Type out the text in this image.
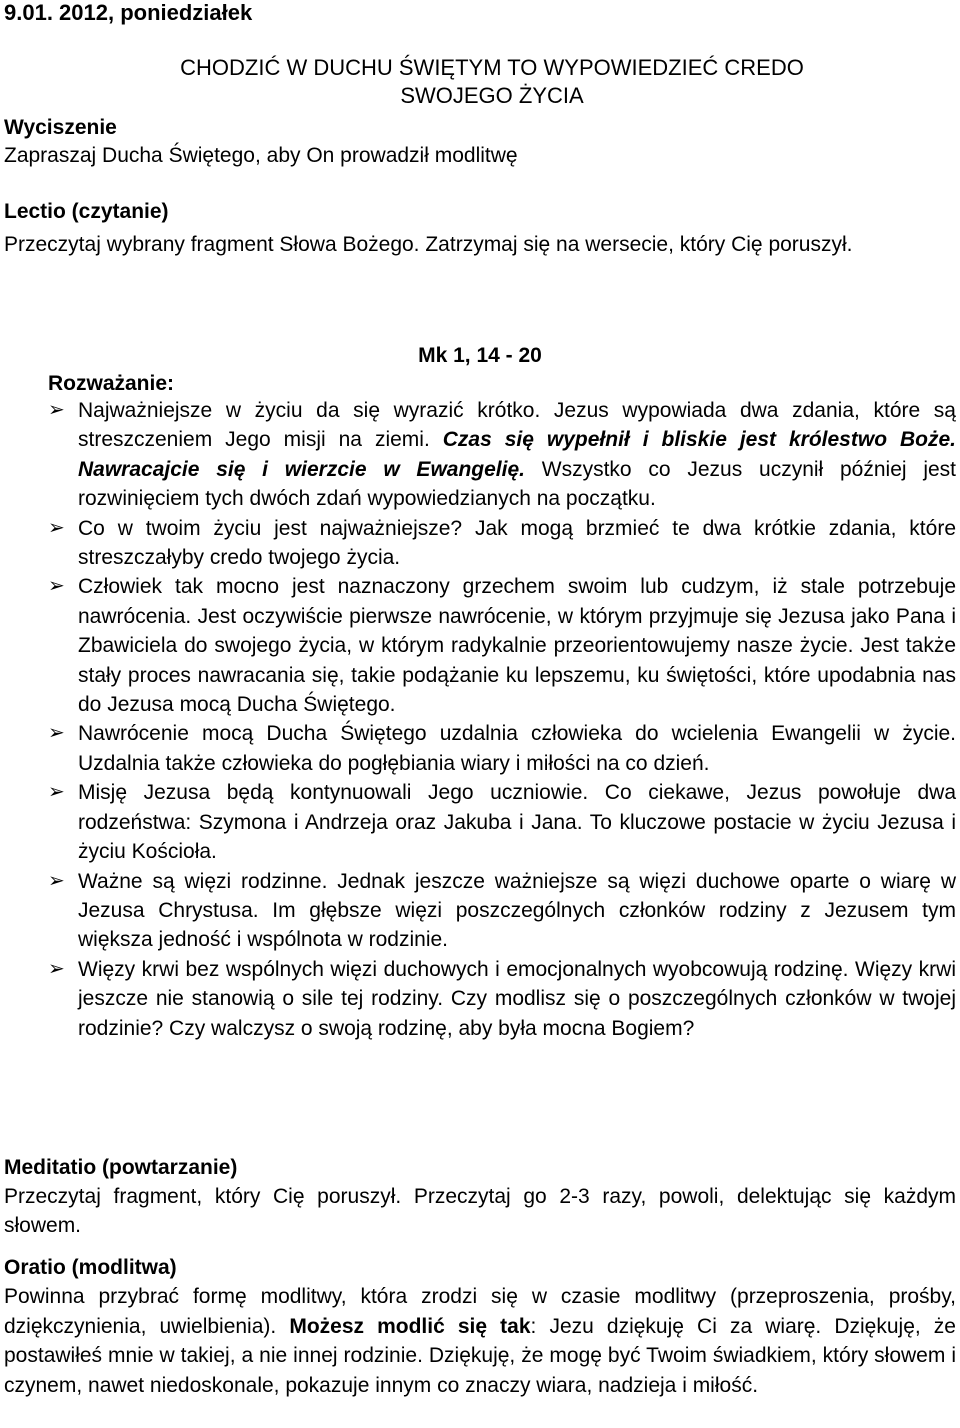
9.01. 2012, poniedziałek
CHODZIĆ W DUCHU ŚWIĘTYM TO WYPOWIEDZIEĆ CREDO
SWOJEGO ŻYCIA
Wyciszenie
Zapraszaj Ducha Świętego, aby On prowadził modlitwę
Lectio (czytanie)
Przeczytaj wybrany fragment Słowa Bożego. Zatrzymaj się na wersecie, który Cię poruszył.
Mk 1, 14 - 20
Rozważanie:
➢ Najważniejsze w życiu da się wyrazić krótko. Jezus wypowiada dwa zdania, które są streszczeniem Jego misji na ziemi. Czas się wypełnił i bliskie jest królestwo Boże. Nawracajcie się i wierzcie w Ewangelię. Wszystko co Jezus uczynił później jest rozwinięciem tych dwóch zdań wypowiedzianych na początku.
➢ Co w twoim życiu jest najważniejsze? Jak mogą brzmieć te dwa krótkie zdania, które streszczałyby credo twojego życia.
➢ Człowiek tak mocno jest naznaczony grzechem swoim lub cudzym, iż stale potrzebuje nawrócenia. Jest oczywiście pierwsze nawrócenie, w którym przyjmuje się Jezusa jako Pana i Zbawiciela do swojego życia, w którym radykalnie przeorientowujemy nasze życie. Jest także stały proces nawracania się, takie podążanie ku lepszemu, ku świętości, które upodabnia nas do Jezusa mocą Ducha Świętego.
➢ Nawrócenie mocą Ducha Świętego uzdalnia człowieka do wcielenia Ewangelii w życie. Uzdalnia także człowieka do pogłębiania wiary i miłości na co dzień.
➢ Misję Jezusa będą kontynuowali Jego uczniowie. Co ciekawe, Jezus powołuje dwa rodzeństwa: Szymona i Andrzeja oraz Jakuba i Jana. To kluczowe postacie w życiu Jezusa i życiu Kościoła.
➢ Ważne są więzi rodzinne. Jednak jeszcze ważniejsze są więzi duchowe oparte o wiarę w Jezusa Chrystusa. Im głębsze więzi poszczególnych członków rodziny z Jezusem tym większa jedność i wspólnota w rodzinie.
➢ Więzy krwi bez wspólnych więzi duchowych i emocjonalnych wyobcowują rodzinę. Więzy krwi jeszcze nie stanowią o sile tej rodziny. Czy modlisz się o poszczególnych członków w twojej rodzinie? Czy walczysz o swoją rodzinę, aby była mocna Bogiem?
Meditatio (powtarzanie)
Przeczytaj fragment, który Cię poruszył. Przeczytaj go 2-3 razy, powoli, delektując się każdym słowem.
Oratio (modlitwa)
Powinna przybrać formę modlitwy, która zrodzi się w czasie modlitwy (przeproszenia, prośby, dziękczynienia, uwielbienia). Możesz modlić się tak: Jezu dziękuję Ci za wiarę. Dziękuję, że postawiłeś mnie w takiej, a nie innej rodzinie. Dziękuję, że mogę być Twoim świadkiem, który słowem i czynem, nawet niedoskonale, pokazuje innym co znaczy wiara, nadzieja i miłość.
